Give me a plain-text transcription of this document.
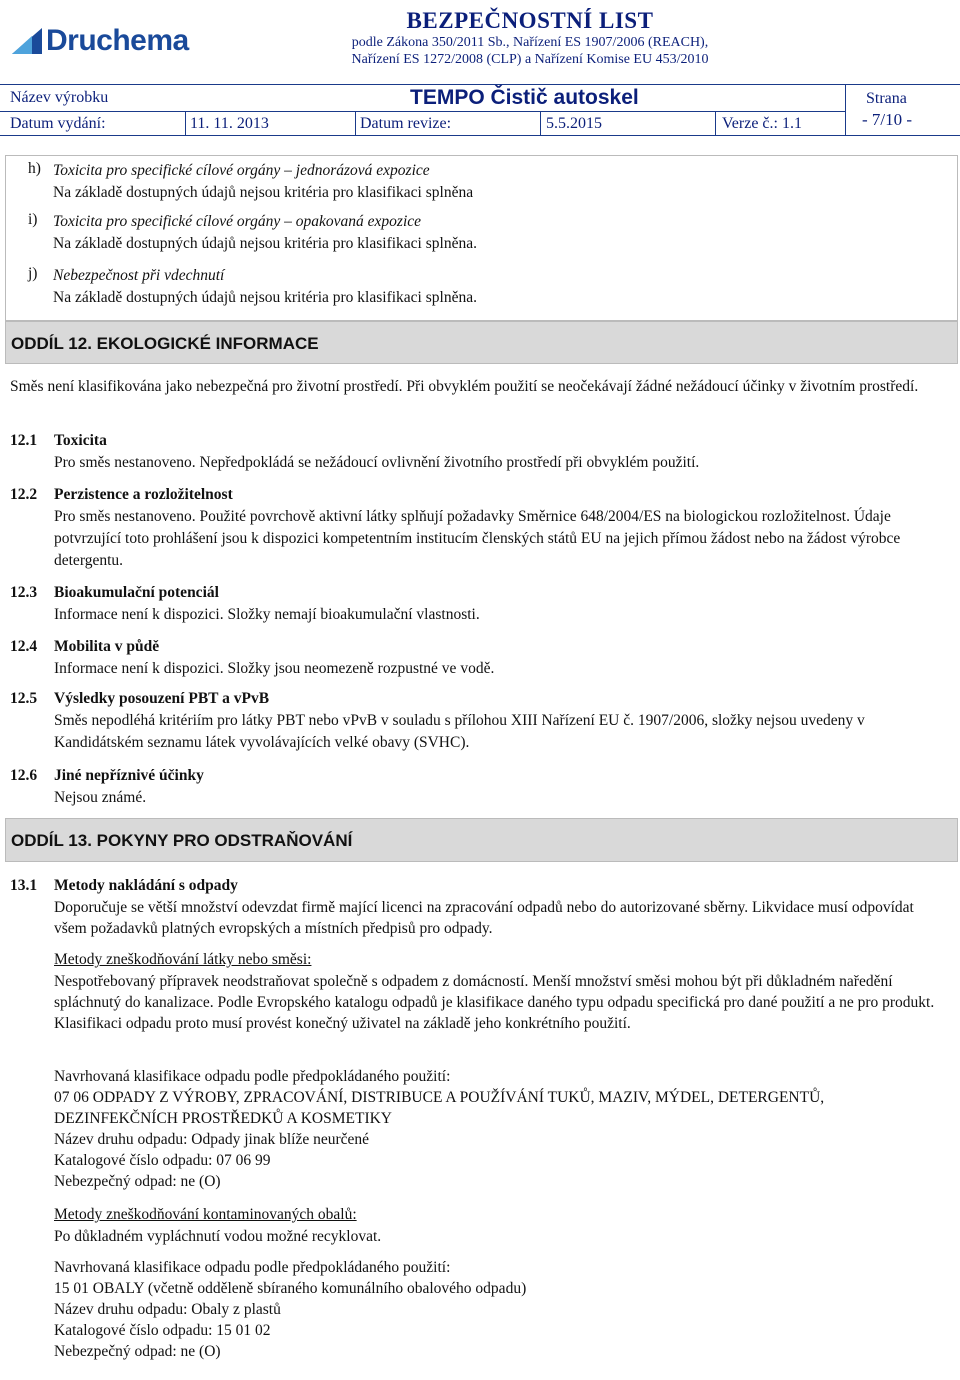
Druchema
BEZPEČNOSTNÍ LIST
podle Zákona 350/2011 Sb., Nařízení ES 1907/2006 (REACH),
Nařízení ES 1272/2008 (CLP) a Nařízení Komise EU 453/2010
Název výrobku	TEMPO Čistič autoskel
Datum vydání:	11. 11. 2013	Datum revize:	5.5.2015	Verze č.: 1.1
Strana
- 7/10 -
h) Toxicita pro specifické cílové orgány – jednorázová expozice
Na základě dostupných údajů nejsou kritéria pro klasifikaci splněna
i)	Toxicita pro specifické cílové orgány – opakovaná expozice
Na základě dostupných údajů nejsou kritéria pro klasifikaci splněna.
j)	Nebezpečnost při vdechnutí
Na základě dostupných údajů nejsou kritéria pro klasifikaci splněna.
ODDÍL 12. EKOLOGICKÉ INFORMACE
Směs není klasifikována jako nebezpečná pro životní prostředí. Při obvyklém použití se neočekávají žádné nežádoucí účinky v životním prostředí.
12.1 Toxicita
Pro směs nestanoveno. Nepředpokládá se nežádoucí ovlivnění životního prostředí při obvyklém použití.
12.2 Perzistence a rozložitelnost
Pro směs nestanoveno. Použité povrchově aktivní látky splňují požadavky Směrnice 648/2004/ES na biologickou rozložitelnost. Údaje potvrzující toto prohlášení jsou k dispozici kompetentním institucím členských států EU na jejich přímou žádost nebo na žádost výrobce detergentu.
12.3 Bioakumulační potenciál
Informace není k dispozici. Složky nemají bioakumulační vlastnosti.
12.4 Mobilita v půdě
Informace není k dispozici. Složky jsou neomezeně rozpustné ve vodě.
12.5 Výsledky posouzení PBT a vPvB
Směs nepodléhá kritériím pro látky PBT nebo vPvB v souladu s přílohou XIII Nařízení EU č. 1907/2006, složky nejsou uvedeny v Kandidátském seznamu látek vyvolávajících velké obavy (SVHC).
12.6 Jiné nepříznivé účinky
Nejsou známé.
ODDÍL 13. POKYNY PRO ODSTRAŇOVÁNÍ
13.1 Metody nakládání s odpady
Doporučuje se větší množství odevzdat firmě mající licenci na zpracování odpadů nebo do autorizované sběrny. Likvidace musí odpovídat všem požadavků platných evropských a místních předpisů pro odpady.
Metody zneškodňování látky nebo směsi:
Nespotřebovaný přípravek neodstraňovat společně s odpadem z domácností. Menší množství směsi mohou být při důkladném naředění spláchnutý do kanalizace. Podle Evropského katalogu odpadů je klasifikace daného typu odpadu specifická pro dané použití a ne pro produkt. Klasifikaci odpadu proto musí provést konečný uživatel na základě jeho konkrétního použití.
Navrhovaná klasifikace odpadu podle předpokládaného použití:
07 06 ODPADY Z VÝROBY, ZPRACOVÁNÍ, DISTRIBUCE A POUŽÍVÁNÍ TUKŮ, MAZIV, MÝDEL, DETERGENTŮ, DEZINFEKČNÍCH PROSTŘEDKŮ A KOSMETIKY
Název druhu odpadu: Odpady jinak blíže neurčené
Katalogové číslo odpadu: 07 06 99
Nebezpečný odpad: ne (O)
Metody zneškodňování kontaminovaných obalů:
Po důkladném vypláchnutí vodou možné recyklovat.
Navrhovaná klasifikace odpadu podle předpokládaného použití:
15 01 OBALY (včetně odděleně sbíraného komunálního obalového odpadu)
Název druhu odpadu: Obaly z plastů
Katalogové číslo odpadu: 15 01 02
Nebezpečný odpad: ne (O)
